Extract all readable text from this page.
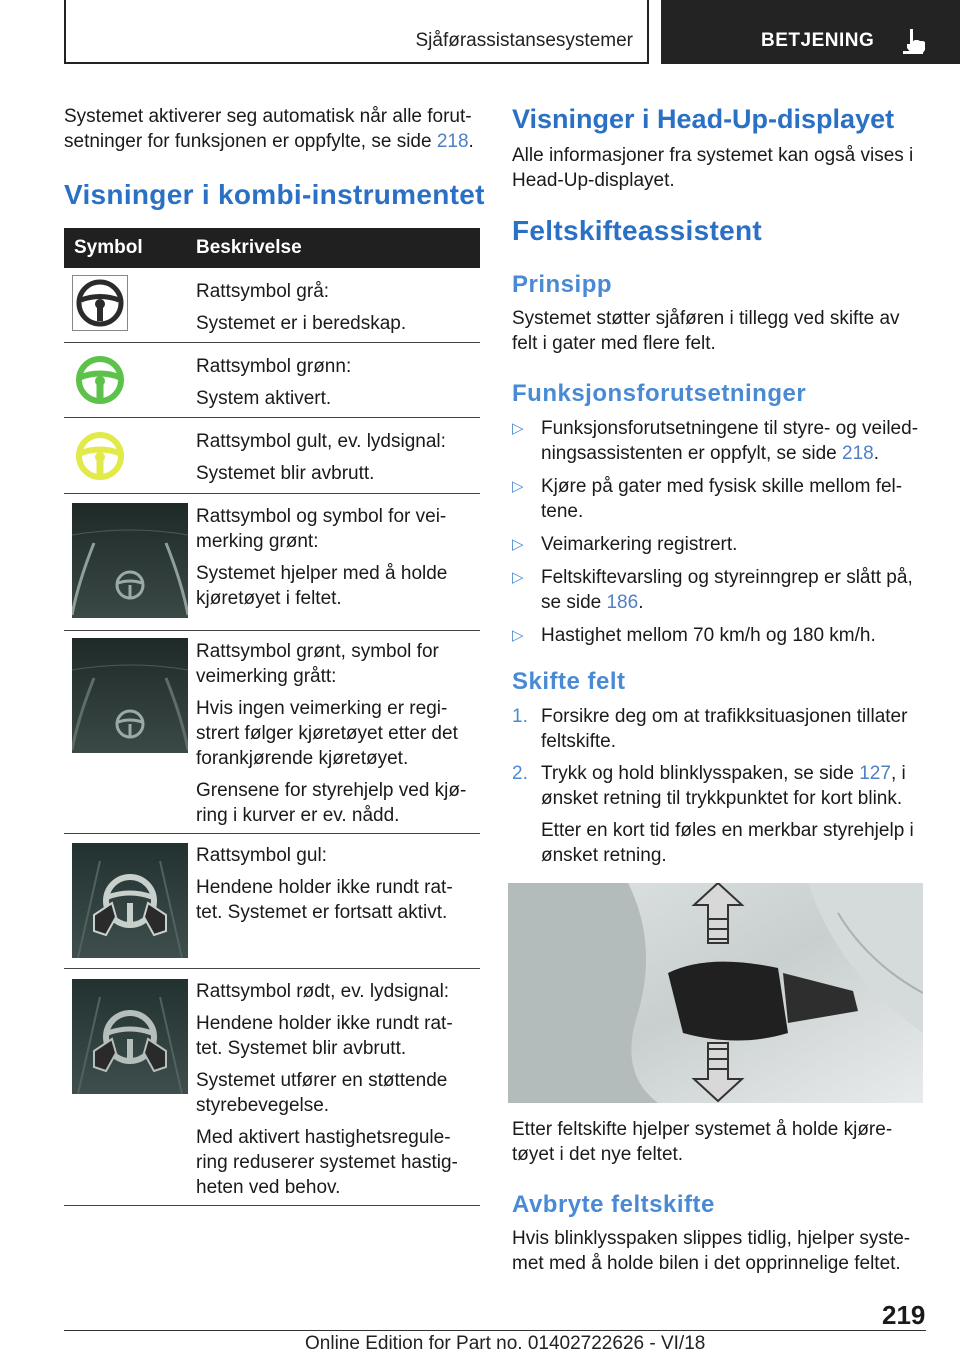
Sjåførassistansesystemer	BETJENING
Systemet aktiverer seg automatisk når alle forut-
setninger for funksjonen er oppfylte, se side 218.
Visninger i kombi-instrumentet
Symbol	Beskrivelse

Rattsymbol grå:

Systemet er i beredskap.

Rattsymbol grønn:

System aktivert.

Rattsymbol gult, ev. lydsignal:

Systemet blir avbrutt.

Rattsymbol og symbol for vei-merking grønt:

Systemet hjelper med å holde kjøretøyet i feltet.

Rattsymbol grønt, symbol for veimerking grått:

Hvis ingen veimerking er regi-strert følger kjøretøyet etter det forankjørende kjøretøyet.

Grensene for styrehjelp ved kjø-ring i kurver er ev. nådd.

Rattsymbol gul:

Hendene holder ikke rundt rat-tet. Systemet er fortsatt aktivt.

Rattsymbol rødt, ev. lydsignal:

Hendene holder ikke rundt rat-tet. Systemet blir avbrutt.

Systemet utfører en støttende styrebevegelse.

Med aktivert hastighetsregule-ring reduserer systemet hastig-heten ved behov.

Visninger i Head-Up-displayet
Alle informasjoner fra systemet kan også vises i Head-Up-displayet.
Feltskifteassistent
Prinsipp
Systemet støtter sjåføren i tillegg ved skifte av felt i gater med flere felt.
Funksjonsforutsetninger
▷ Funksjonsforutsetningene til styre- og veiled-ningsassistenten er oppfylt, se side 218.
▷ Kjøre på gater med fysisk skille mellom fel-tene.
▷ Veimarkering registrert.
▷ Feltskiftevarsling og styreinngrep er slått på, se side 186.
▷ Hastighet mellom 70 km/h og 180 km/h.
Skifte felt
1. Forsikre deg om at trafikksituasjonen tillater feltskifte.
2. Trykk og hold blinklysspaken, se side 127, i ønsket retning til trykkpunktet for kort blink.
Etter en kort tid føles en merkbar styrehjelp i ønsket retning.
Etter feltskifte hjelper systemet å holde kjøre-tøyet i det nye feltet.
Avbryte feltskifte
Hvis blinklysspaken slippes tidlig, hjelper syste-met med å holde bilen i det opprinnelige feltet.
219
Online Edition for Part no. 01402722626 - VI/18
